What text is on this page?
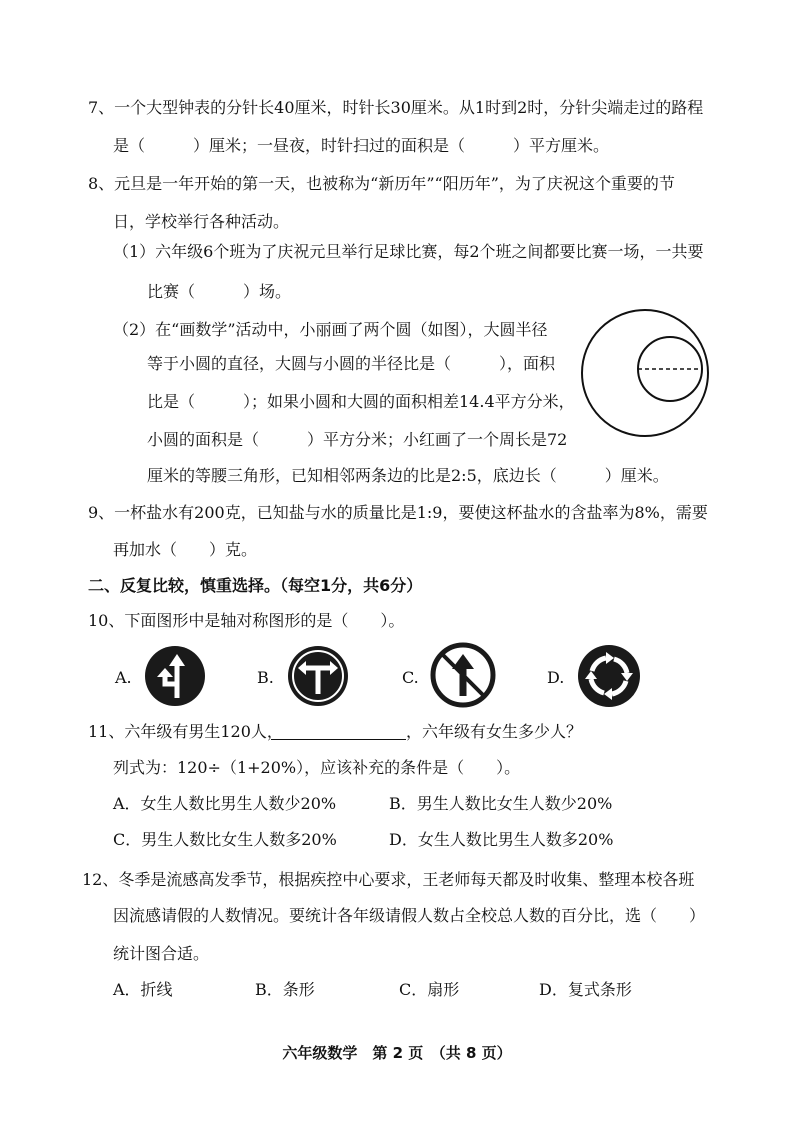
7、一个大型钟表的分针长40厘米，时针长30厘米。从1时到2时，分针尖端走过的路程
是（　　　）厘米；一昼夜，时针扫过的面积是（　　　）平方厘米。
8、元旦是一年开始的第一天，也被称为“新历年”“阳历年”，为了庆祝这个重要的节
日，学校举行各种活动。
（1）六年级6个班为了庆祝元旦举行足球比赛，每2个班之间都要比赛一场，一共要
比赛（　　　）场。
（2）在“画数学”活动中，小丽画了两个圆（如图），大圆半径
等于小圆的直径，大圆与小圆的半径比是（　　　），面积
比是（　　　）；如果小圆和大圆的面积相差14.4平方分米，
小圆的面积是（　　　）平方分米；小红画了一个周长是72
厘米的等腰三角形，已知相邻两条边的比是2:5，底边长（　　　）厘米。
9、一杯盐水有200克，已知盐与水的质量比是1:9，要使这杯盐水的含盐率为8%，需要
再加水（　　）克。
二、反复比较，慎重选择。（每空1分，共6分）
10、下面图形中是轴对称图形的是（　　）。
A.	B.	C.	D.
11、六年级有男生120人，	，六年级有女生多少人？
列式为：120÷（1+20%），应该补充的条件是（　　）。
A．女生人数比男生人数少20%	B．男生人数比女生人数少20%
C．男生人数比女生人数多20%	D．女生人数比男生人数多20%
12、冬季是流感高发季节，根据疾控中心要求，王老师每天都及时收集、整理本校各班
因流感请假的人数情况。要统计各年级请假人数占全校总人数的百分比，选（　　）
统计图合适。
A．折线	B．条形	C．扇形	D．复式条形
六年级数学　第 2 页　（共 8 页）
